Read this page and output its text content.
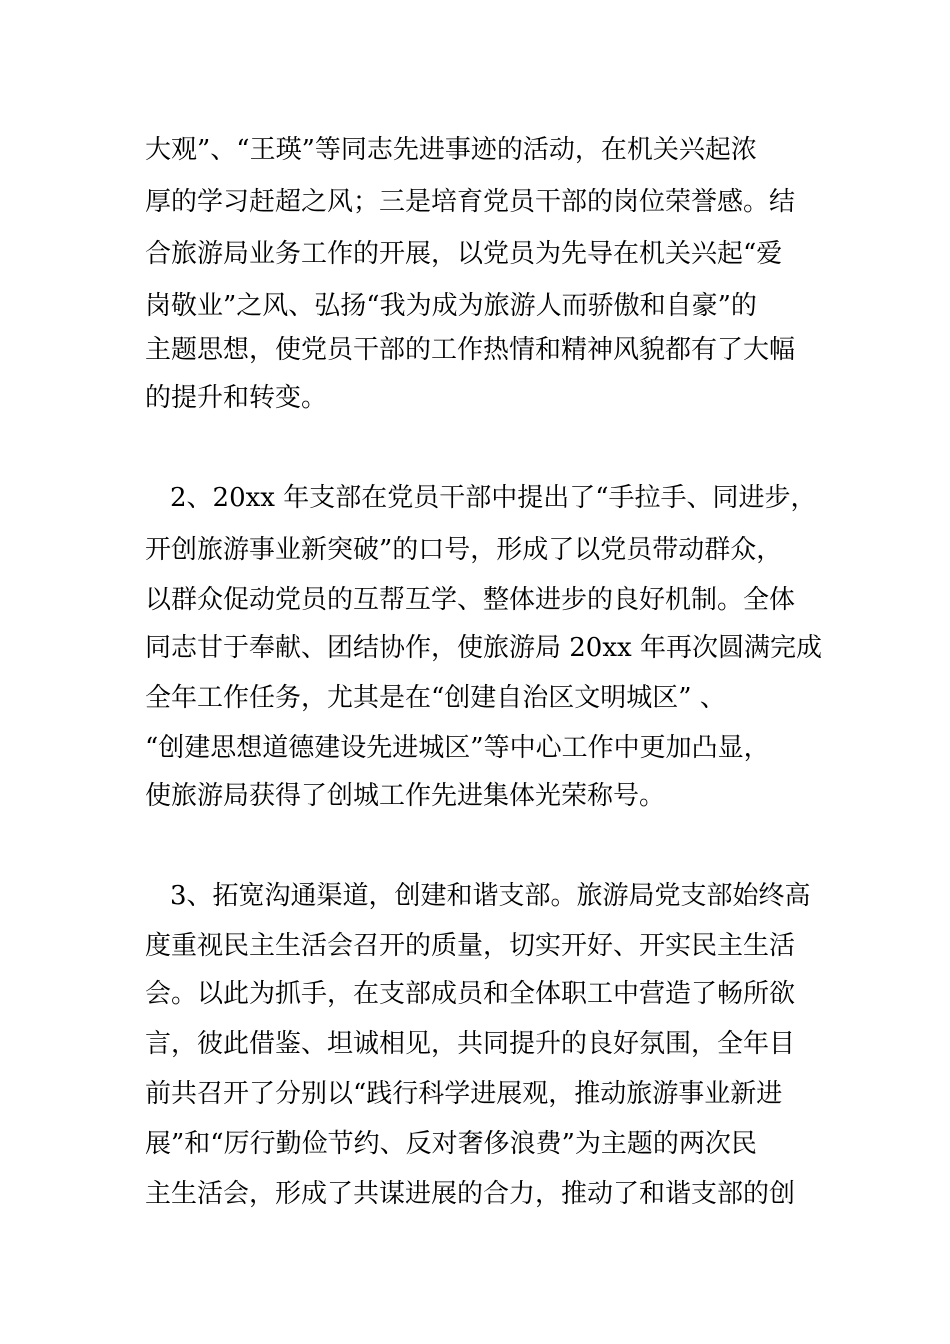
大观”、“王瑛”等同志先进事迹的活动，在机关兴起浓
厚的学习赶超之风；三是培育党员干部的岗位荣誉感。结
合旅游局业务工作的开展，以党员为先导在机关兴起“爱
岗敬业”之风、弘扬“我为成为旅游人而骄傲和自豪”的
主题思想，使党员干部的工作热情和精神风貌都有了大幅
的提升和转变。
2、20xx 年支部在党员干部中提出了“手拉手、同进步，
开创旅游事业新突破”的口号，形成了以党员带动群众，
以群众促动党员的互帮互学、整体进步的良好机制。全体
同志甘于奉献、团结协作，使旅游局 20xx 年再次圆满完成
全年工作任务，尤其是在“创建自治区文明城区” 、
“创建思想道德建设先进城区”等中心工作中更加凸显，
使旅游局获得了创城工作先进集体光荣称号。
3、拓宽沟通渠道，创建和谐支部。旅游局党支部始终高
度重视民主生活会召开的质量，切实开好、开实民主生活
会。以此为抓手，在支部成员和全体职工中营造了畅所欲
言，彼此借鉴、坦诚相见，共同提升的良好氛围，全年目
前共召开了分别以“践行科学进展观，推动旅游事业新进
展”和“厉行勤俭节约、反对奢侈浪费”为主题的两次民
主生活会，形成了共谋进展的合力，推动了和谐支部的创
